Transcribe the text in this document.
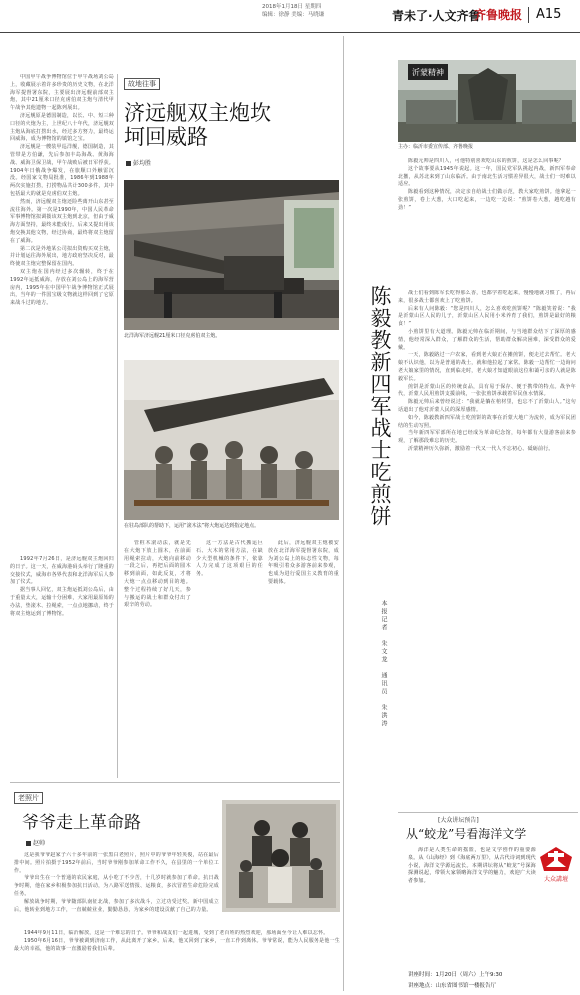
2018年1月18日 星期四
编辑：徐静 美编：马晓谦	青未了·人文齐鲁
齐鲁晚报 A15

中国甲午战争博物馆位于甲午战场刘公岛上，收藏展示着许多珍贵的历史文物，在北洋海军提督署东院，主要展出济远舰前部双主炮，其中21厘米口径克虏伯双主炮与清代甲午战争其他遗物一起陈列展出。

济远舰原是德国制造，以长、中、短三种口径的火炮为主，上世纪八十年代，济远舰双主炮从海底打捞出水，经过多方努力，最终运回威海，成为博物馆的镇馆之宝。

济远舰是一艘装甲巡洋舰，德国制造，其管带是方伯谦，先后参加丰岛海战、黄海海战、威海卫保卫战，甲午战败后被日军俘获。1904年日俄战争爆发，在旅顺口外触雷沉没。经国家文物局批准，1986年到1988年两次实施打捞，打捞物品共计300多件，其中包括最大的就是克虏伯双主炮。

然而，济远舰双主炮还险些离开山东甚至流往海外。第一次是1990年，中国人民革命军事博物馆拟调拨该双主炮到北京，但由于威海方面坚持，最终未能成行。后来又提出用该炮交换其他文物，经过协商，最终将双主炮留在了威海。

第二次是外地某公司拟出资购买双主炮，并计划运往海外展出，地方政府坚决反对，最终使双主炮完整保留在国内。

双主炮在国内经过多次辗转，终于在1992年运抵威海，存放在刘公岛上的海军营房内，1995年在中国甲午战争博物馆正式展出，当年的一件国宝级文物就这样回到了它原来战斗过的地方。

1992年7月26日，是济远舰双主炮回归的日子。这一天，在威海港码头举行了隆重的交接仪式，威海市各界代表和北洋海军后人参加了仪式。

据当事人回忆，双主炮运抵刘公岛后，由于重量太大，运输十分困难，大家用最原始的办法，垫滚木、拉绳索，一点点地挪动，终于将双主炮运到了博物馆。

故地往事
济远舰双主炮坎坷回威路
彭均胜
北洋海军济远舰21厘米口径克虏伯双主炮。
在驻岛部队的帮助下，运用“滚木法”将大炮运达到指定地点。

管桩木滚动法，就是先在大炮下放上圆木，在前面用绳索拉动，大炮向前移动一段之后，再把后面的圆木移到前面，如此反复，才将大炮一点点移动到目的地。整个过程持续了好几天，参与搬运的战士和群众付出了艰辛的劳动。

这一方法是古代搬运巨石、大木的常用方法，在缺少大型机械的条件下，依靠人力完成了这项艰巨的任务。

此后，济远舰双主炮被安放在北洋海军提督署东院，成为刘公岛上的标志性文物，每年吸引着众多游客前来参观，也成为进行爱国主义教育的重要载体。

老照片
爷爷走上革命路
赵帅

这是我爷爷赵家子六十多年前的一张黑白老照片，照片中的爷爷年轻英俊，站在最后排中间。照片拍摄于1952年前后，当时爷爷刚参加革命工作不久，在县里的一个单位工作。

爷爷出生在一个普通的农民家庭，从小吃了不少苦，十几岁时就参加了革命。抗日战争时期，他在家乡积极参加抗日活动，为八路军送情报、运粮食，多次冒着生命危险完成任务。

解放战争时期，爷爷随部队南征北战，参加了多次战斗，立过功受过奖。新中国成立后，他转业到地方工作，一直兢兢业业，勤勤恳恳，为家乡的建设贡献了自己的力量。

1944年9月11日，临沂解放，这是一个难忘的日子。爷爷和战友们一起进城，受到了老百姓的热烈欢迎，那场面至今让人难以忘怀。

1950年6月16日，爷爷被调到济南工作，从此离开了家乡。后来，他又回到了家乡，一直工作到离休。爷爷常说，能为人民服务是他一生最大的幸福，他的故事一直激励着我们后辈。

沂蒙精神
主办：临沂市委宣传部、齐鲁晚报
陈毅教新四军战士吃煎饼
本报记者　朱文龙　通讯员　朱洪涛

陈毅元帅是四川人，可他特别喜欢吃山东的煎饼，这是怎么回事呢？

这个故事要从1945年说起。这一年，国民党军队挑起内战，新四军奉命北撤，从苏北来到了山东临沂。由于南北生活习惯差异很大，战士们一时难以适应。

陈毅看到这种情况，决定亲自给战士们做示范，教大家吃煎饼。他拿起一张煎饼，卷上大葱，大口吃起来，一边吃一边说：“煎饼卷大葱，越吃越有劲！”

战士们看到陈军长吃得那么香，也都学着吃起来，慢慢地就习惯了，再后来，很多战士都喜欢上了吃煎饼。

后来有人问陈毅：“您是四川人，怎么喜欢吃煎饼呢？”陈毅笑着说：“我是沂蒙山区人民的儿子，沂蒙山区人民用小米养育了我们，煎饼是最好的粮食！”

小煎饼里有大道理。陈毅元帅在临沂期间，与当地群众结下了深厚的感情，他经常深入群众，了解群众的生活，帮助群众解决困难，深受群众的爱戴。

一天，陈毅路过一户农家，看到老大娘正在摊煎饼，便走过去帮忙。老大娘不认识他，以为是普通的战士，就和他拉起了家常。陈毅一边帮忙一边询问老大娘家里的情况，直到临走时，老大娘才知道眼前这位和蔼可亲的人就是陈毅军长。

煎饼是沂蒙山区的传统食品，具有易于保存、便于携带的特点。战争年代，沂蒙人民用煎饼支援前线，一张张煎饼承载着军民鱼水情深。

陈毅元帅后来曾经说过：“我就是躺在棺材里，也忘不了沂蒙山人。”这句话道出了他对沂蒙人民的深厚感情。

如今，陈毅教新四军战士吃煎饼的故事在沂蒙大地广为流传，成为军民团结的生动写照。

当年新四军军部所在地已经成为革命纪念馆，每年都有大量游客前来参观，了解那段难忘的历史。

沂蒙精神历久弥新，激励着一代又一代人不忘初心、砥砺前行。

[大众讲坛预告]
从“蛟龙”号看海洋文学
大众講壇

海洋是人类生命的摇篮，也是文学创作的重要源泉。从《山海经》到《海底两万里》，从古代诗词到现代小说，海洋文学源远流长。本期讲坛将从“蛟龙”号深海探测说起，带领大家领略海洋文学的魅力，欢迎广大读者参加。

讲座时间：1月20日（周六）上午9:30
讲座地点：山东省图书馆一楼报告厅
